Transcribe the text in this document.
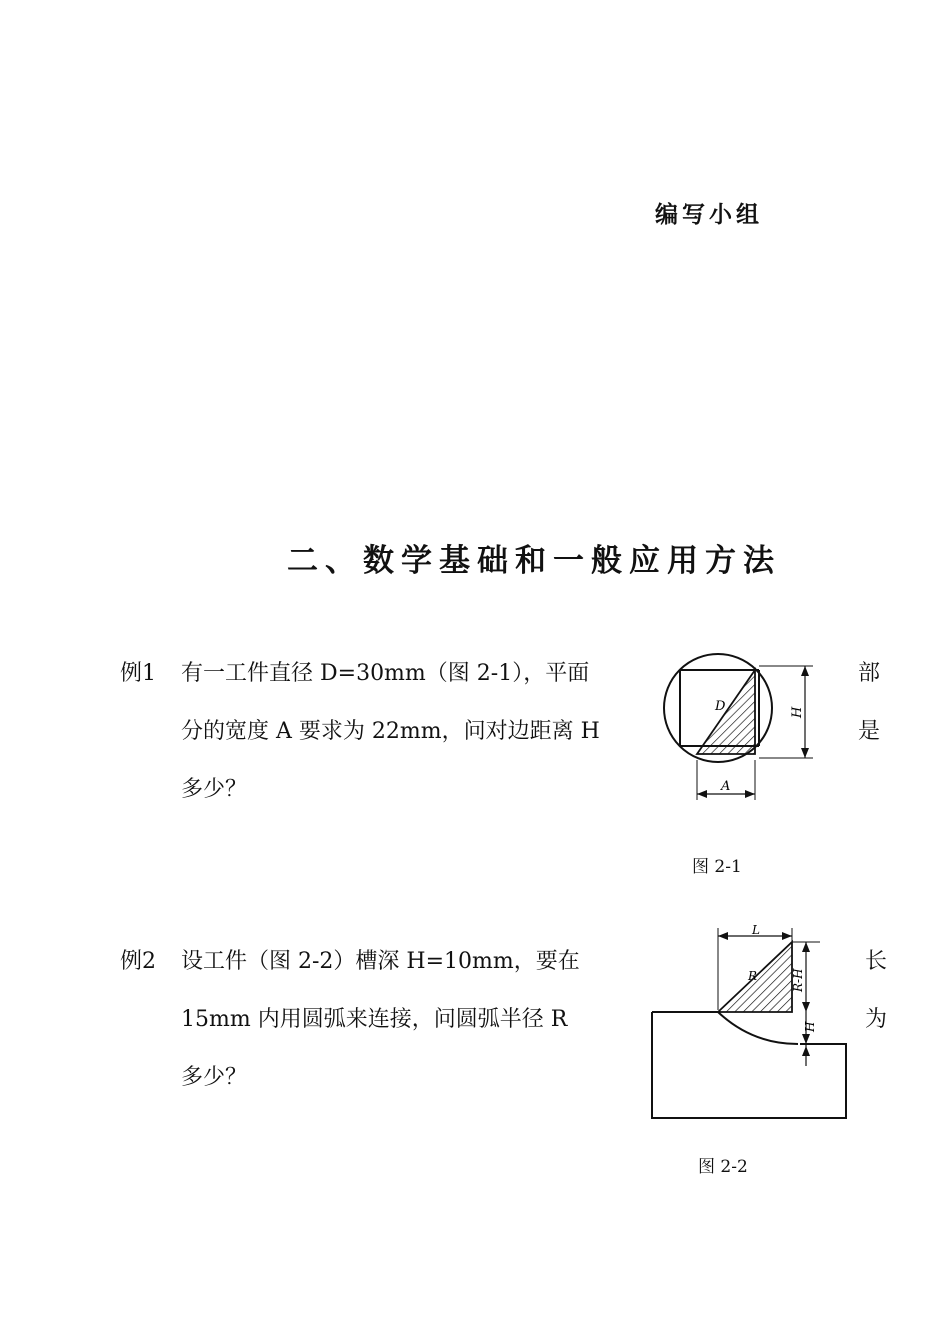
编写小组
二、数学基础和一般应用方法
例1 有一工件直径 D=30mm（图 2-1），平面
分的宽度 A 要求为 22mm，问对边距离 H
多少？
部
是
D	H
A
图 2-1
例2 设工件（图 2-2）槽深 H=10mm，要在
15mm 内用圆弧来连接，问圆弧半径 R
多少？
长
为
L
R	R-H
H
图 2-2
